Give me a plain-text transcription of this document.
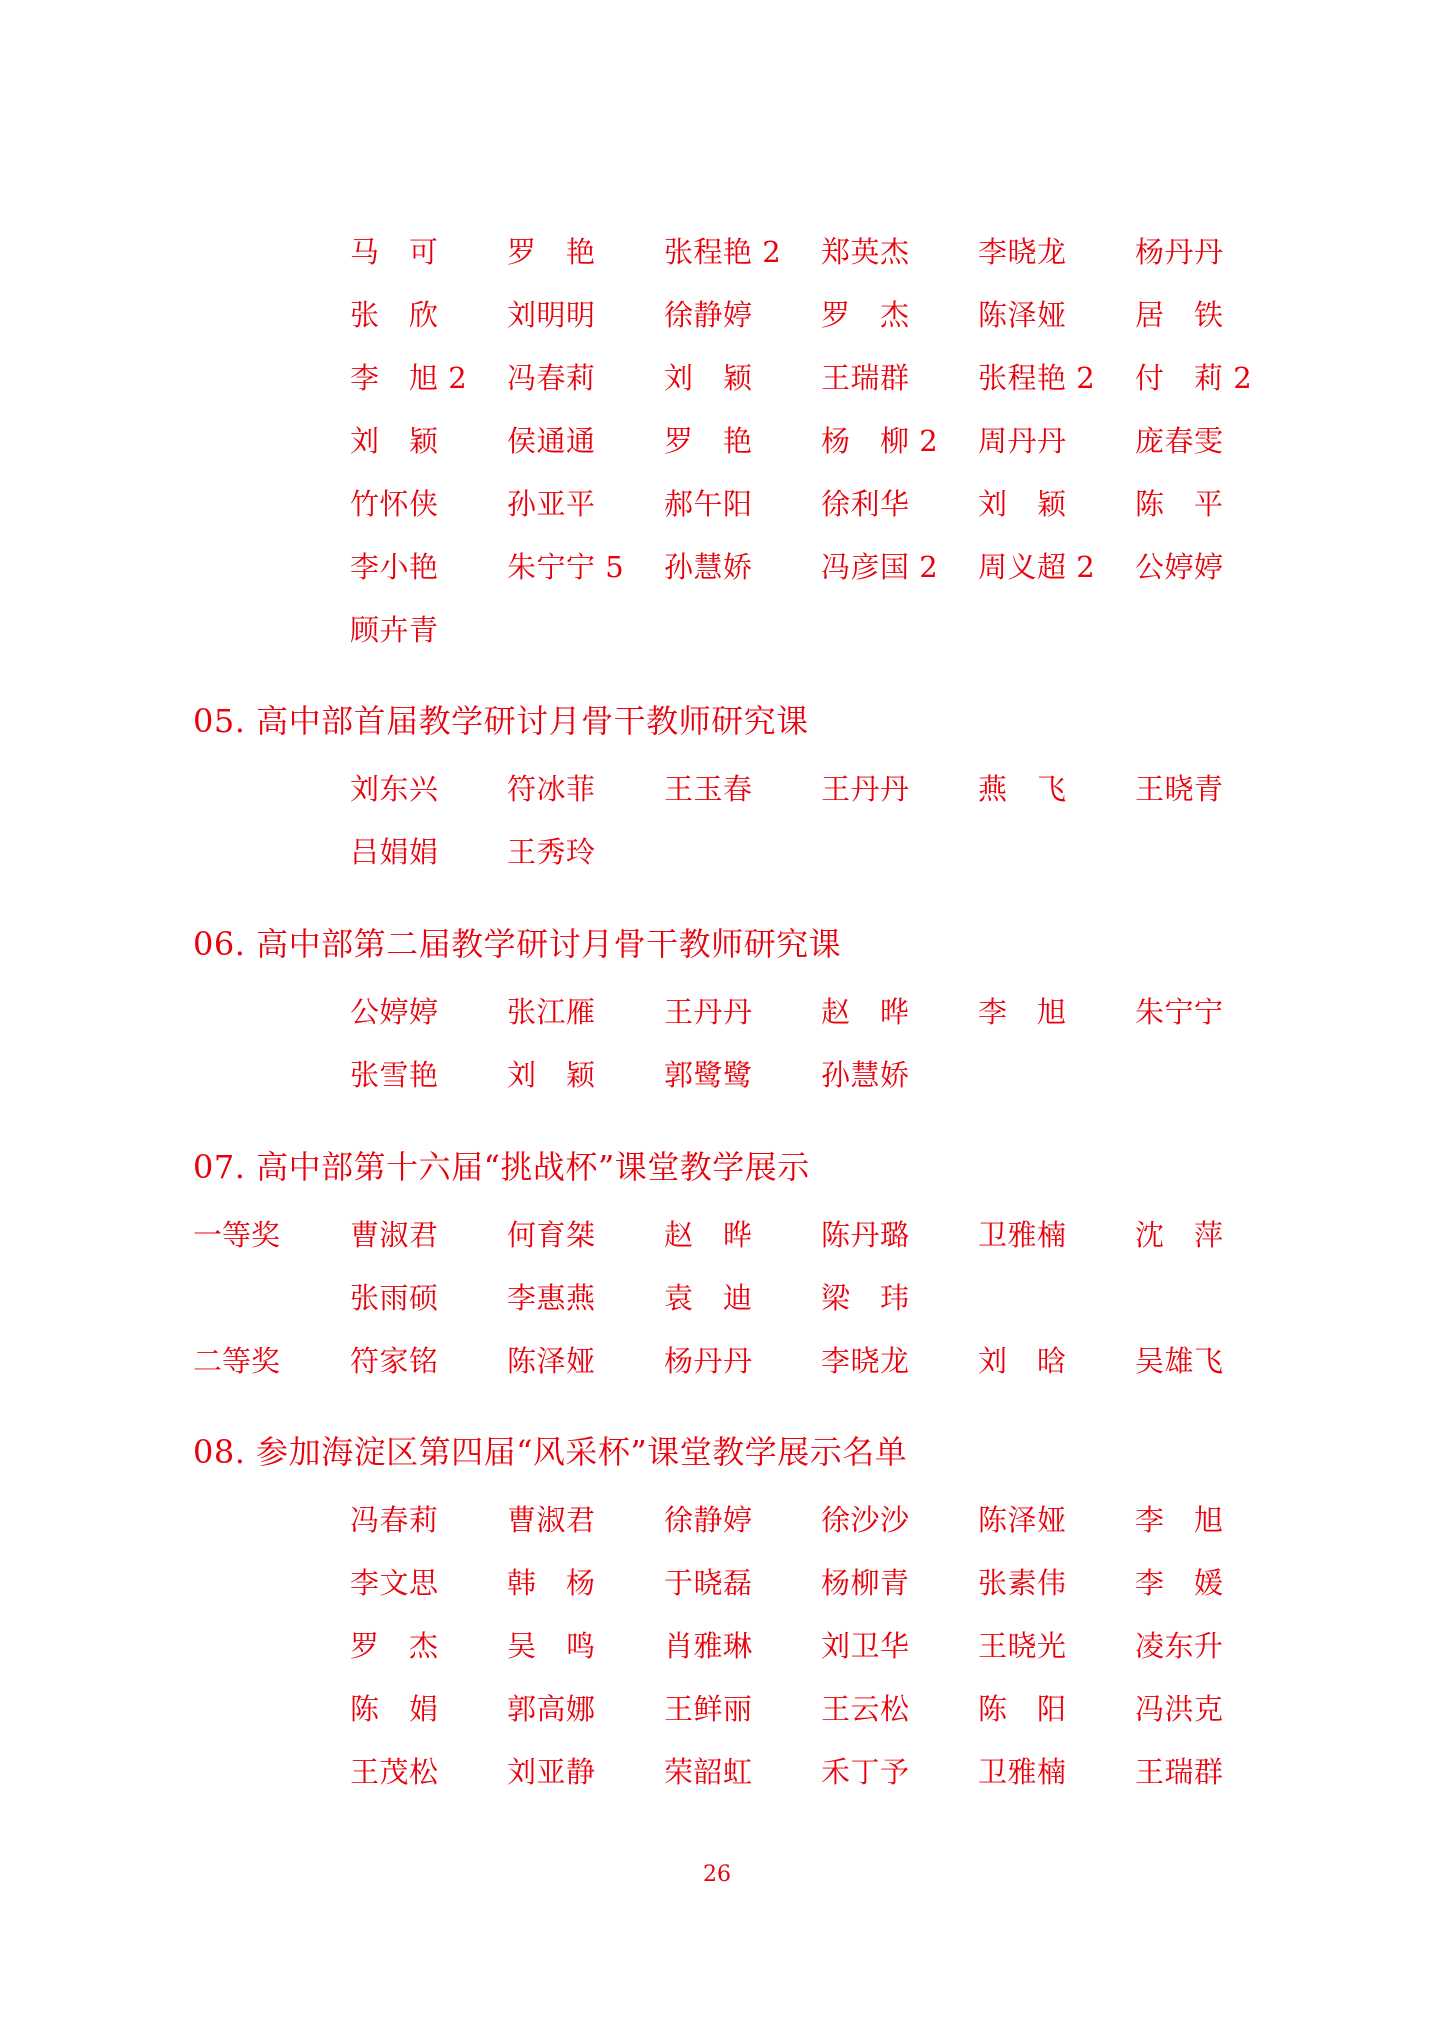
马　可 罗　艳 张程艳 2 郑英杰 李晓龙 杨丹丹
张　欣 刘明明 徐静婷 罗　杰 陈泽娅 居　铁
李　旭 2 冯春莉 刘　颖 王瑞群 张程艳 2 付　莉 2
刘　颖 侯通通 罗　艳 杨　柳 2 周丹丹 庞春雯
竹怀侠 孙亚平 郝午阳 徐利华 刘　颖 陈　平
李小艳 朱宁宁 5 孙慧娇 冯彦国 2 周义超 2 公婷婷
顾卉青
05. 高中部首届教学研讨月骨干教师研究课
刘东兴 符冰菲 王玉春 王丹丹 燕　飞 王晓青
吕娟娟 王秀玲
06. 高中部第二届教学研讨月骨干教师研究课
公婷婷 张江雁 王丹丹 赵　晔 李　旭 朱宁宁
张雪艳 刘　颖 郭鹭鹭 孙慧娇
07. 高中部第十六届“挑战杯”课堂教学展示
一等奖 曹淑君 何育桀 赵　晔 陈丹璐 卫雅楠 沈　萍
张雨硕 李惠燕 袁　迪 梁　玮
二等奖 符家铭 陈泽娅 杨丹丹 李晓龙 刘　晗 吴雄飞
08. 参加海淀区第四届“风采杯”课堂教学展示名单
冯春莉 曹淑君 徐静婷 徐沙沙 陈泽娅 李　旭
李文思 韩　杨 于晓磊 杨柳青 张素伟 李　媛
罗　杰 吴　鸣 肖雅琳 刘卫华 王晓光 凌东升
陈　娟 郭高娜 王鲜丽 王云松 陈　阳 冯洪克
王茂松 刘亚静 荣韶虹 禾丁予 卫雅楠 王瑞群
26
